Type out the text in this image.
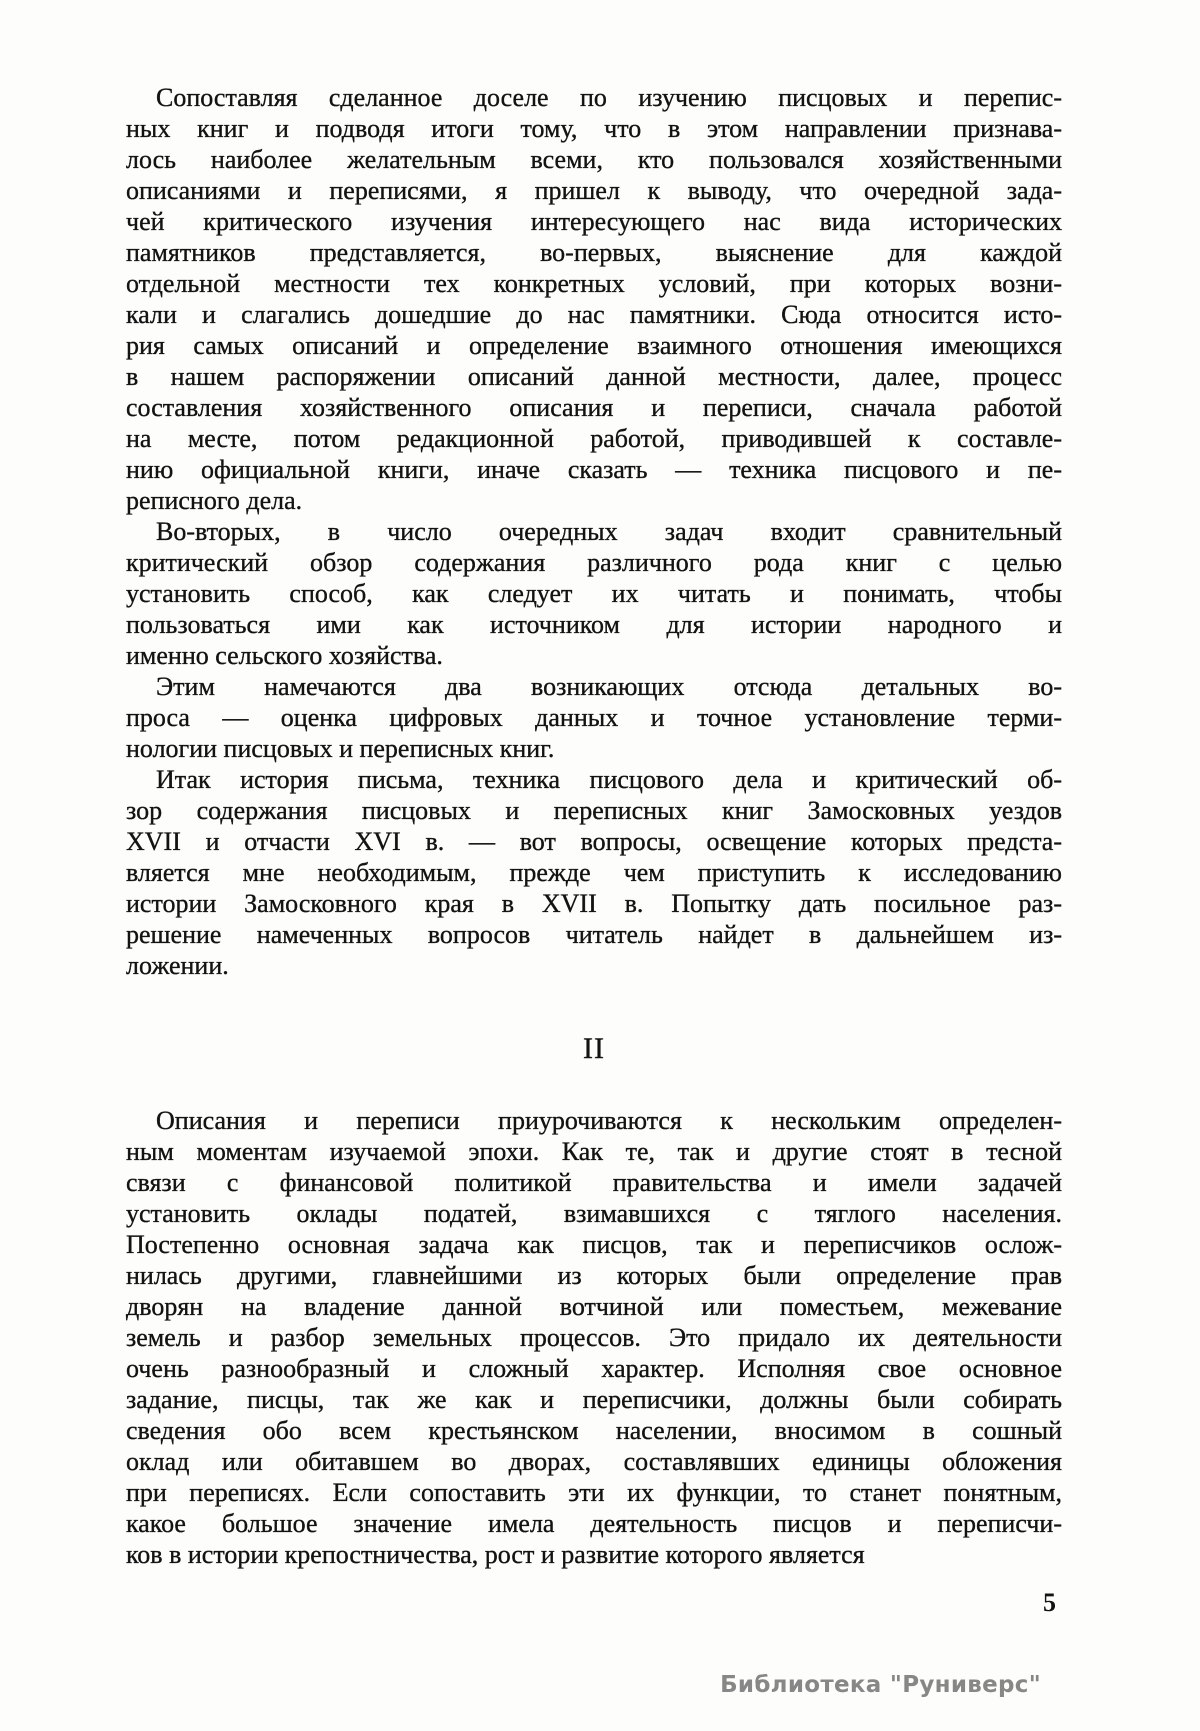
Сопоставляя сделанное доселе по изучению писцовых и перепис-
ных книг и подводя итоги тому, что в этом направлении признава-
лось наиболее желательным всеми, кто пользовался хозяйственными
описаниями и переписями, я пришел к выводу, что очередной зада-
чей критического изучения интересующего нас вида исторических
памятников представляется, во-первых, выяснение для каждой
отдельной местности тех конкретных условий, при которых возни-
кали и слагались дошедшие до нас памятники. Сюда относится исто-
рия самых описаний и определение взаимного отношения имеющихся
в нашем распоряжении описаний данной местности, далее, процесс
составления хозяйственного описания и переписи, сначала работой
на месте, потом редакционной работой, приводившей к составле-
нию официальной книги, иначе сказать — техника писцового и пе-
реписного дела.
Во-вторых, в число очередных задач входит сравнительный
критический обзор содержания различного рода книг с целью
установить способ, как следует их читать и понимать, чтобы
пользоваться ими как источником для истории народного и
именно сельского хозяйства.
Этим намечаются два возникающих отсюда детальных во-
проса — оценка цифровых данных и точное установление терми-
нологии писцовых и переписных книг.
Итак история письма, техника писцового дела и критический об-
зор содержания писцовых и переписных книг Замосковных уездов
XVII и отчасти XVI в. — вот вопросы, освещение которых предста-
вляется мне необходимым, прежде чем приступить к исследованию
истории Замосковного края в XVII в. Попытку дать посильное раз-
решение намеченных вопросов читатель найдет в дальнейшем из-
ложении.
II
Описания и переписи приурочиваются к нескольким определен-
ным моментам изучаемой эпохи. Как те, так и другие стоят в тесной
связи с финансовой политикой правительства и имели задачей
установить оклады податей, взимавшихся с тяглого населения.
Постепенно основная задача как писцов, так и переписчиков ослож-
нилась другими, главнейшими из которых были определение прав
дворян на владение данной вотчиной или поместьем, межевание
земель и разбор земельных процессов. Это придало их деятельности
очень разнообразный и сложный характер. Исполняя свое основное
задание, писцы, так же как и переписчики, должны были собирать
сведения обо всем крестьянском населении, вносимом в сошный
оклад или обитавшем во дворах, составлявших единицы обложения
при переписях. Если сопоставить эти их функции, то станет понятным,
какое большое значение имела деятельность писцов и переписчи-
ков в истории крепостничества, рост и развитие которого является
5
Библиотека "Руниверс"
